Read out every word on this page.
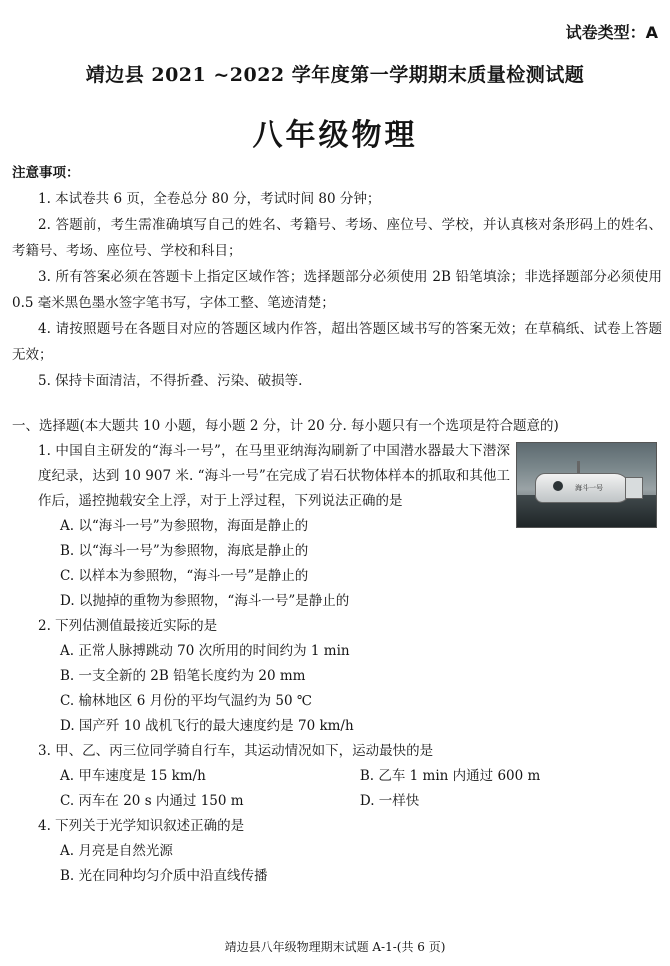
试卷类型：A
靖边县 2021 ~2022 学年度第一学期期末质量检测试题
八年级物理
注意事项：
1. 本试卷共 6 页，全卷总分 80 分，考试时间 80 分钟；
2. 答题前，考生需准确填写自己的姓名、考籍号、考场、座位号、学校，并认真核对条形码上的姓名、考籍号、考场、座位号、学校和科目；
3. 所有答案必须在答题卡上指定区域作答；选择题部分必须使用 2B 铅笔填涂；非选择题部分必须使用 0.5 毫米黑色墨水签字笔书写，字体工整、笔迹清楚；
4. 请按照题号在各题目对应的答题区域内作答，超出答题区域书写的答案无效；在草稿纸、试卷上答题无效；
5. 保持卡面清洁，不得折叠、污染、破损等.
一、选择题(本大题共 10 小题，每小题 2 分，计 20 分. 每小题只有一个选项是符合题意的)
1. 中国自主研发的“海斗一号”，在马里亚纳海沟刷新了中国潜水器最大下潜深度纪录，达到 10 907 米. “海斗一号”在完成了岩石状物体样本的抓取和其他工作后，遥控抛载安全上浮，对于上浮过程，下列说法正确的是
A. 以“海斗一号”为参照物，海面是静止的
B. 以“海斗一号”为参照物，海底是静止的
C. 以样本为参照物，“海斗一号”是静止的
D. 以抛掉的重物为参照物，“海斗一号”是静止的
2. 下列估测值最接近实际的是
A. 正常人脉搏跳动 70 次所用的时间约为 1 min
B. 一支全新的 2B 铅笔长度约为 20 mm
C. 榆林地区 6 月份的平均气温约为 50 ℃
D. 国产歼 10 战机飞行的最大速度约是 70 km/h
3. 甲、乙、丙三位同学骑自行车，其运动情况如下，运动最快的是
A. 甲车速度是 15 km/h	B. 乙车 1 min 内通过 600 m
C. 丙车在 20 s 内通过 150 m	D. 一样快
4. 下列关于光学知识叙述正确的是
A. 月亮是自然光源
B. 光在同种均匀介质中沿直线传播
海斗一号
靖边县八年级物理期末试题 A-1-(共 6 页)
